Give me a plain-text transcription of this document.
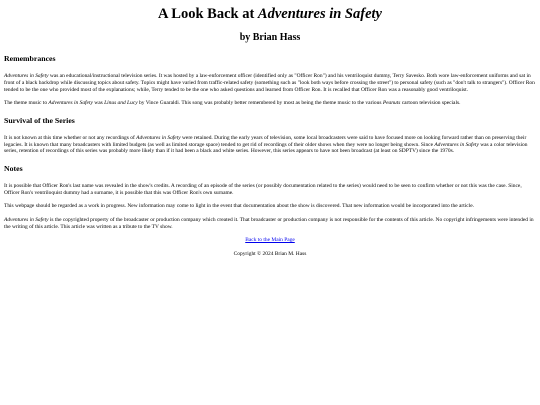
A Look Back at Adventures in Safety
by Brian Hass
Remembrances

Adventures in Safety was an educational/instructional television series. It was hosted by a law-enforcement officer (identified only as "Officer Ron") and his ventriloquist dummy, Terry Savesko. Both wore law-enforcement uniforms and sat in front of a black backdrop while discussing topics about safety. Topics might have varied from traffic-related safety (something such as "look both ways before crossing the street") to personal safety (such as "don't talk to strangers"). Officer Ron tended to be the one who provided most of the explanations; while, Terry tended to be the one who asked questions and learned from Officer Ron. It is recalled that Officer Ron was a reasonably good ventriloquist.

The theme music to Adventures in Safety was Linus and Lucy by Vince Guaraldi. This song was probably better remembered by most as being the theme music to the various Peanuts cartoon television specials.

Survival of the Series

It is not known at this time whether or not any recordings of Adventures in Safety were retained. During the early years of television, some local broadcasters were said to have focused more on looking forward rather than on preserving their legacies. It is known that many broadcasters with limited budgets (as well as limited storage space) tended to get rid of recordings of their older shows when they were no longer being shown. Since Adventures in Safety was a color television series, retention of recordings of this series was probably more likely than if it had been a black and white series. However, this series appears to have not been broadcast (at least on SDPTV) since the 1970s.

Notes

It is possible that Officer Ron's last name was revealed in the show's credits. A recording of an episode of the series (or possibly documentation related to the series) would need to be seen to confirm whether or not this was the case. Since, Officer Ron's ventriloquist dummy had a surname, it is possible that this was Officer Ron's own surname.

This webpage should be regarded as a work in progress. New information may come to light in the event that documentation about the show is discovered. That new information would be incorporated into the article.

Adventures in Safety is the copyrighted property of the broadcaster or production company which created it. That broadcaster or production company is not responsible for the contents of this article. No copyright infringements were intended in the writing of this article. This article was written as a tribute to the TV show.

Back to the Main Page

Copyright © 2024 Brian M. Hass
